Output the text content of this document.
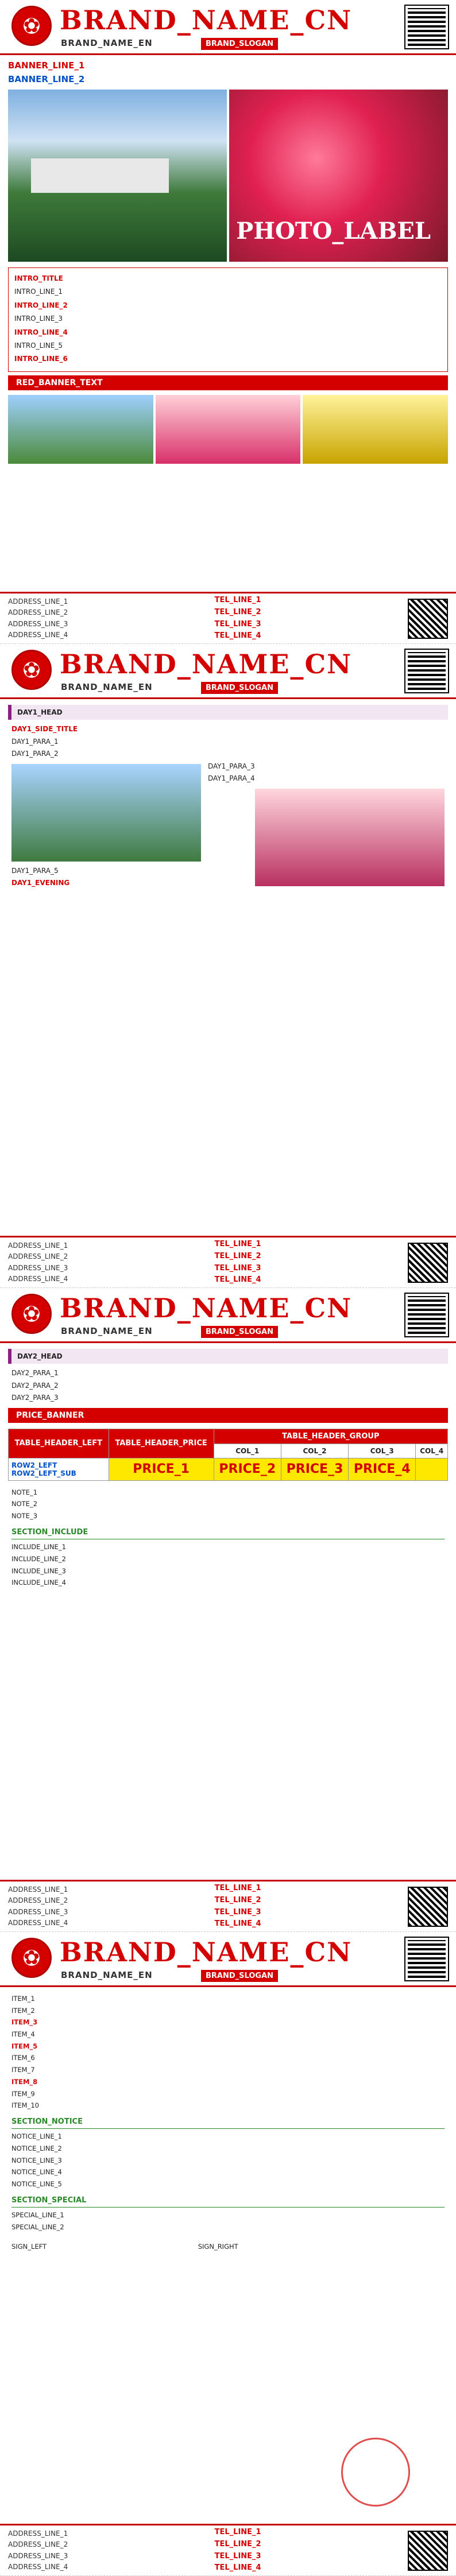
✿
BRAND_NAME_CN
BRAND_NAME_EN	BRAND_SLOGAN
BANNER_LINE_1
BANNER_LINE_2
PHOTO_LABEL

INTRO_TITLE

INTRO_LINE_1

INTRO_LINE_2

INTRO_LINE_3

INTRO_LINE_4

INTRO_LINE_5

INTRO_LINE_6

RED_BANNER_TEXT
ADDRESS_LINE_1
ADDRESS_LINE_2
ADDRESS_LINE_3
ADDRESS_LINE_4
TEL_LINE_1
TEL_LINE_2
TEL_LINE_3
TEL_LINE_4
✿
BRAND_NAME_CN
BRAND_NAME_EN	BRAND_SLOGAN
DAY1_HEAD

DAY1_SIDE_TITLE

DAY1_PARA_1

DAY1_PARA_2

DAY1_PARA_3

DAY1_PARA_4

DAY1_PARA_5

DAY1_EVENING

ADDRESS_LINE_1
ADDRESS_LINE_2
ADDRESS_LINE_3
ADDRESS_LINE_4
TEL_LINE_1
TEL_LINE_2
TEL_LINE_3
TEL_LINE_4
✿
BRAND_NAME_CN
BRAND_NAME_EN	BRAND_SLOGAN
DAY2_HEAD

DAY2_PARA_1

DAY2_PARA_2

DAY2_PARA_3

PRICE_BANNER
TABLE_HEADER_LEFT	TABLE_HEADER_PRICE	TABLE_HEADER_GROUP			
		COL_1	COL_2	COL_3	COL_4

ROW2_LEFT
ROW2_LEFT_SUB	PRICE_1	PRICE_2	PRICE_3	PRICE_4	

NOTE_1

NOTE_2

NOTE_3

SECTION_INCLUDE

INCLUDE_LINE_1

INCLUDE_LINE_2

INCLUDE_LINE_3

INCLUDE_LINE_4

ADDRESS_LINE_1
ADDRESS_LINE_2
ADDRESS_LINE_3
ADDRESS_LINE_4
TEL_LINE_1
TEL_LINE_2
TEL_LINE_3
TEL_LINE_4
✿
BRAND_NAME_CN
BRAND_NAME_EN	BRAND_SLOGAN

ITEM_1

ITEM_2

ITEM_3

ITEM_4

ITEM_5

ITEM_6

ITEM_7

ITEM_8

ITEM_9

ITEM_10

SECTION_NOTICE

NOTICE_LINE_1

NOTICE_LINE_2

NOTICE_LINE_3

NOTICE_LINE_4

NOTICE_LINE_5

SECTION_SPECIAL

SPECIAL_LINE_1

SPECIAL_LINE_2

SIGN_LEFT	SIGN_RIGHT

ADDRESS_LINE_1
ADDRESS_LINE_2
ADDRESS_LINE_3
ADDRESS_LINE_4
TEL_LINE_1
TEL_LINE_2
TEL_LINE_3
TEL_LINE_4
